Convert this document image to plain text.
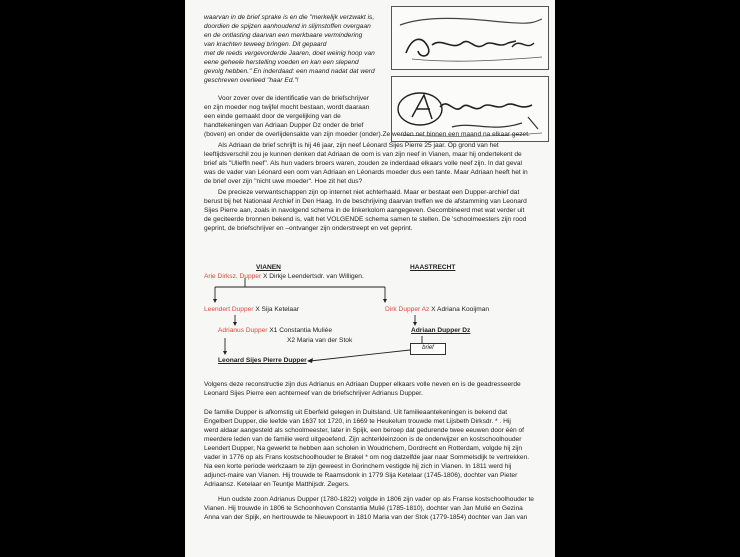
waarvan in de brief sprake is en die "merkelijk verzwakt is,
doordien de spijzen aanhoudend in slijmstoffen overgaan
en de ontlasting daarvan een merkbaare vermindering
van krachten teweeg bringen. Dit gepaard
met de reeds vergevorderde Jaaren, doet weinig hoop van
eene geheele herstelling voeden en kan een slepend
gevolg hebben." En inderdaad: een maand nadat dat werd
geschreven overleed "haar Ed."!
Voor zover over de identificatie van de briefschrijver
en zijn moeder nog twijfel mocht bestaan, wordt daaraan
een einde gemaakt door de vergelijking van de
handtekeningen van Adriaan Dupper Dz onder de brief
(boven) en onder de overlijdensakte van zijn moeder (onder).Ze werden net binnen een maand na elkaar gezet.
Als Adriaan de brief schrijft is hij 46 jaar, zijn neef Léonard Sijes Pierre 25 jaar. Op grond van het
leeftijdsverschil zou je kunnen denken dat Adriaan de oom is van zijn neef in Vianen, maar hij ondertekent de
brief als "Ulieffn neef". Als hun vaders broers waren, zouden ze inderdaad elkaars volle neef zijn. In dat geval
was de vader van Léonard een oom van Adriaan en Léonards moeder dus een tante. Maar Adriaan heeft het in
de brief over zijn "nicht uwe moeder". Hoe zit het dus?
De precieze verwantschappen zijn op internet niet achterhaald. Maar er bestaat een Dupper-archief dat
berust bij het Nationaal Archief in Den Haag. In de beschrijving daarvan treffen we de afstamming van Leonard
Sijes Pierre aan, zoals in navolgend schema in de linkerkolom aangegeven. Gecombineerd met wat verder uit
de geciteerde bronnen bekend is, valt het VOLGENDE schema samen te stellen. De 'schoolmeesters zijn rood
geprint, de briefschrijver en –ontvanger zijn onderstreept en vet geprint.
VIANEN	HAASTRECHT
Arie Dirksz. Dupper X Dirkje Leendertsdr. van Willigen.
Leendert Dupper X Sija Ketelaar	Dirk Dupper Az X Adriana Kooijman
Adrianus Dupper X1 Constantia Muliée
X2 Maria van der Stok
Adriaan Dupper Dz
brief
Leonard Sijes Pierre Dupper
Volgens deze reconstructie zijn dus Adrianus en Adriaan Dupper elkaars volle neven en is de geadresseerde
Leonard Sijes Pierre een achterneef van de briefschrijver Adrianus Dupper.
De familie Dupper is afkomstig uit Eberfeld gelegen in Duitsland. Uit familieaantekeningen is bekend dat
Engelbert Dupper, die leefde van 1637 tot 1720, in 1669 te Heukelum trouwde met Lijsbeth Dirksdr. * . Hij
werd aldaar aangesteld als schoolmeester, later in Spijk, een beroep dat gedurende twee eeuwen door één of
meerdere leden van de familie werd uitgeoefend. Zijn achterkleinzoon is de onderwijzer en kostschoolhouder
Leendert Dupper, Na gewerkt te hebben aan scholen in Woudrichem, Dordrecht en Rotterdam, volgde hij zijn
vader in 1776 op als Frans kostschoolhouder te Brakel * om nog datzelfde jaar naar Sommelsdijk te vertrekken.
Na een korte periode werkzaam te zijn geweest in Gorinchem vestigde hij zich in Vianen. In 1811 werd hij
adjunct-maire van Vianen. Hij trouwde te Raamsdonk in 1779 Sija Ketelaar (1745-1806), dochter van Pieter
Adriaansz. Ketelaar en Teuntje Matthijsdr. Zegers.
Hun oudste zoon Adrianus Dupper (1780-1822) volgde in 1806 zijn vader op als Franse kostschoolhouder te
Vianen. Hij trouwde in 1806 te Schoonhoven Constantia Mulié (1785-1810), dochter van Jan Mulié en Gezina
Anna van der Spijk, en hertrouwde te Nieuwpoort in 1810 Maria van der Stok (1779-1854) dochter van Jan van
